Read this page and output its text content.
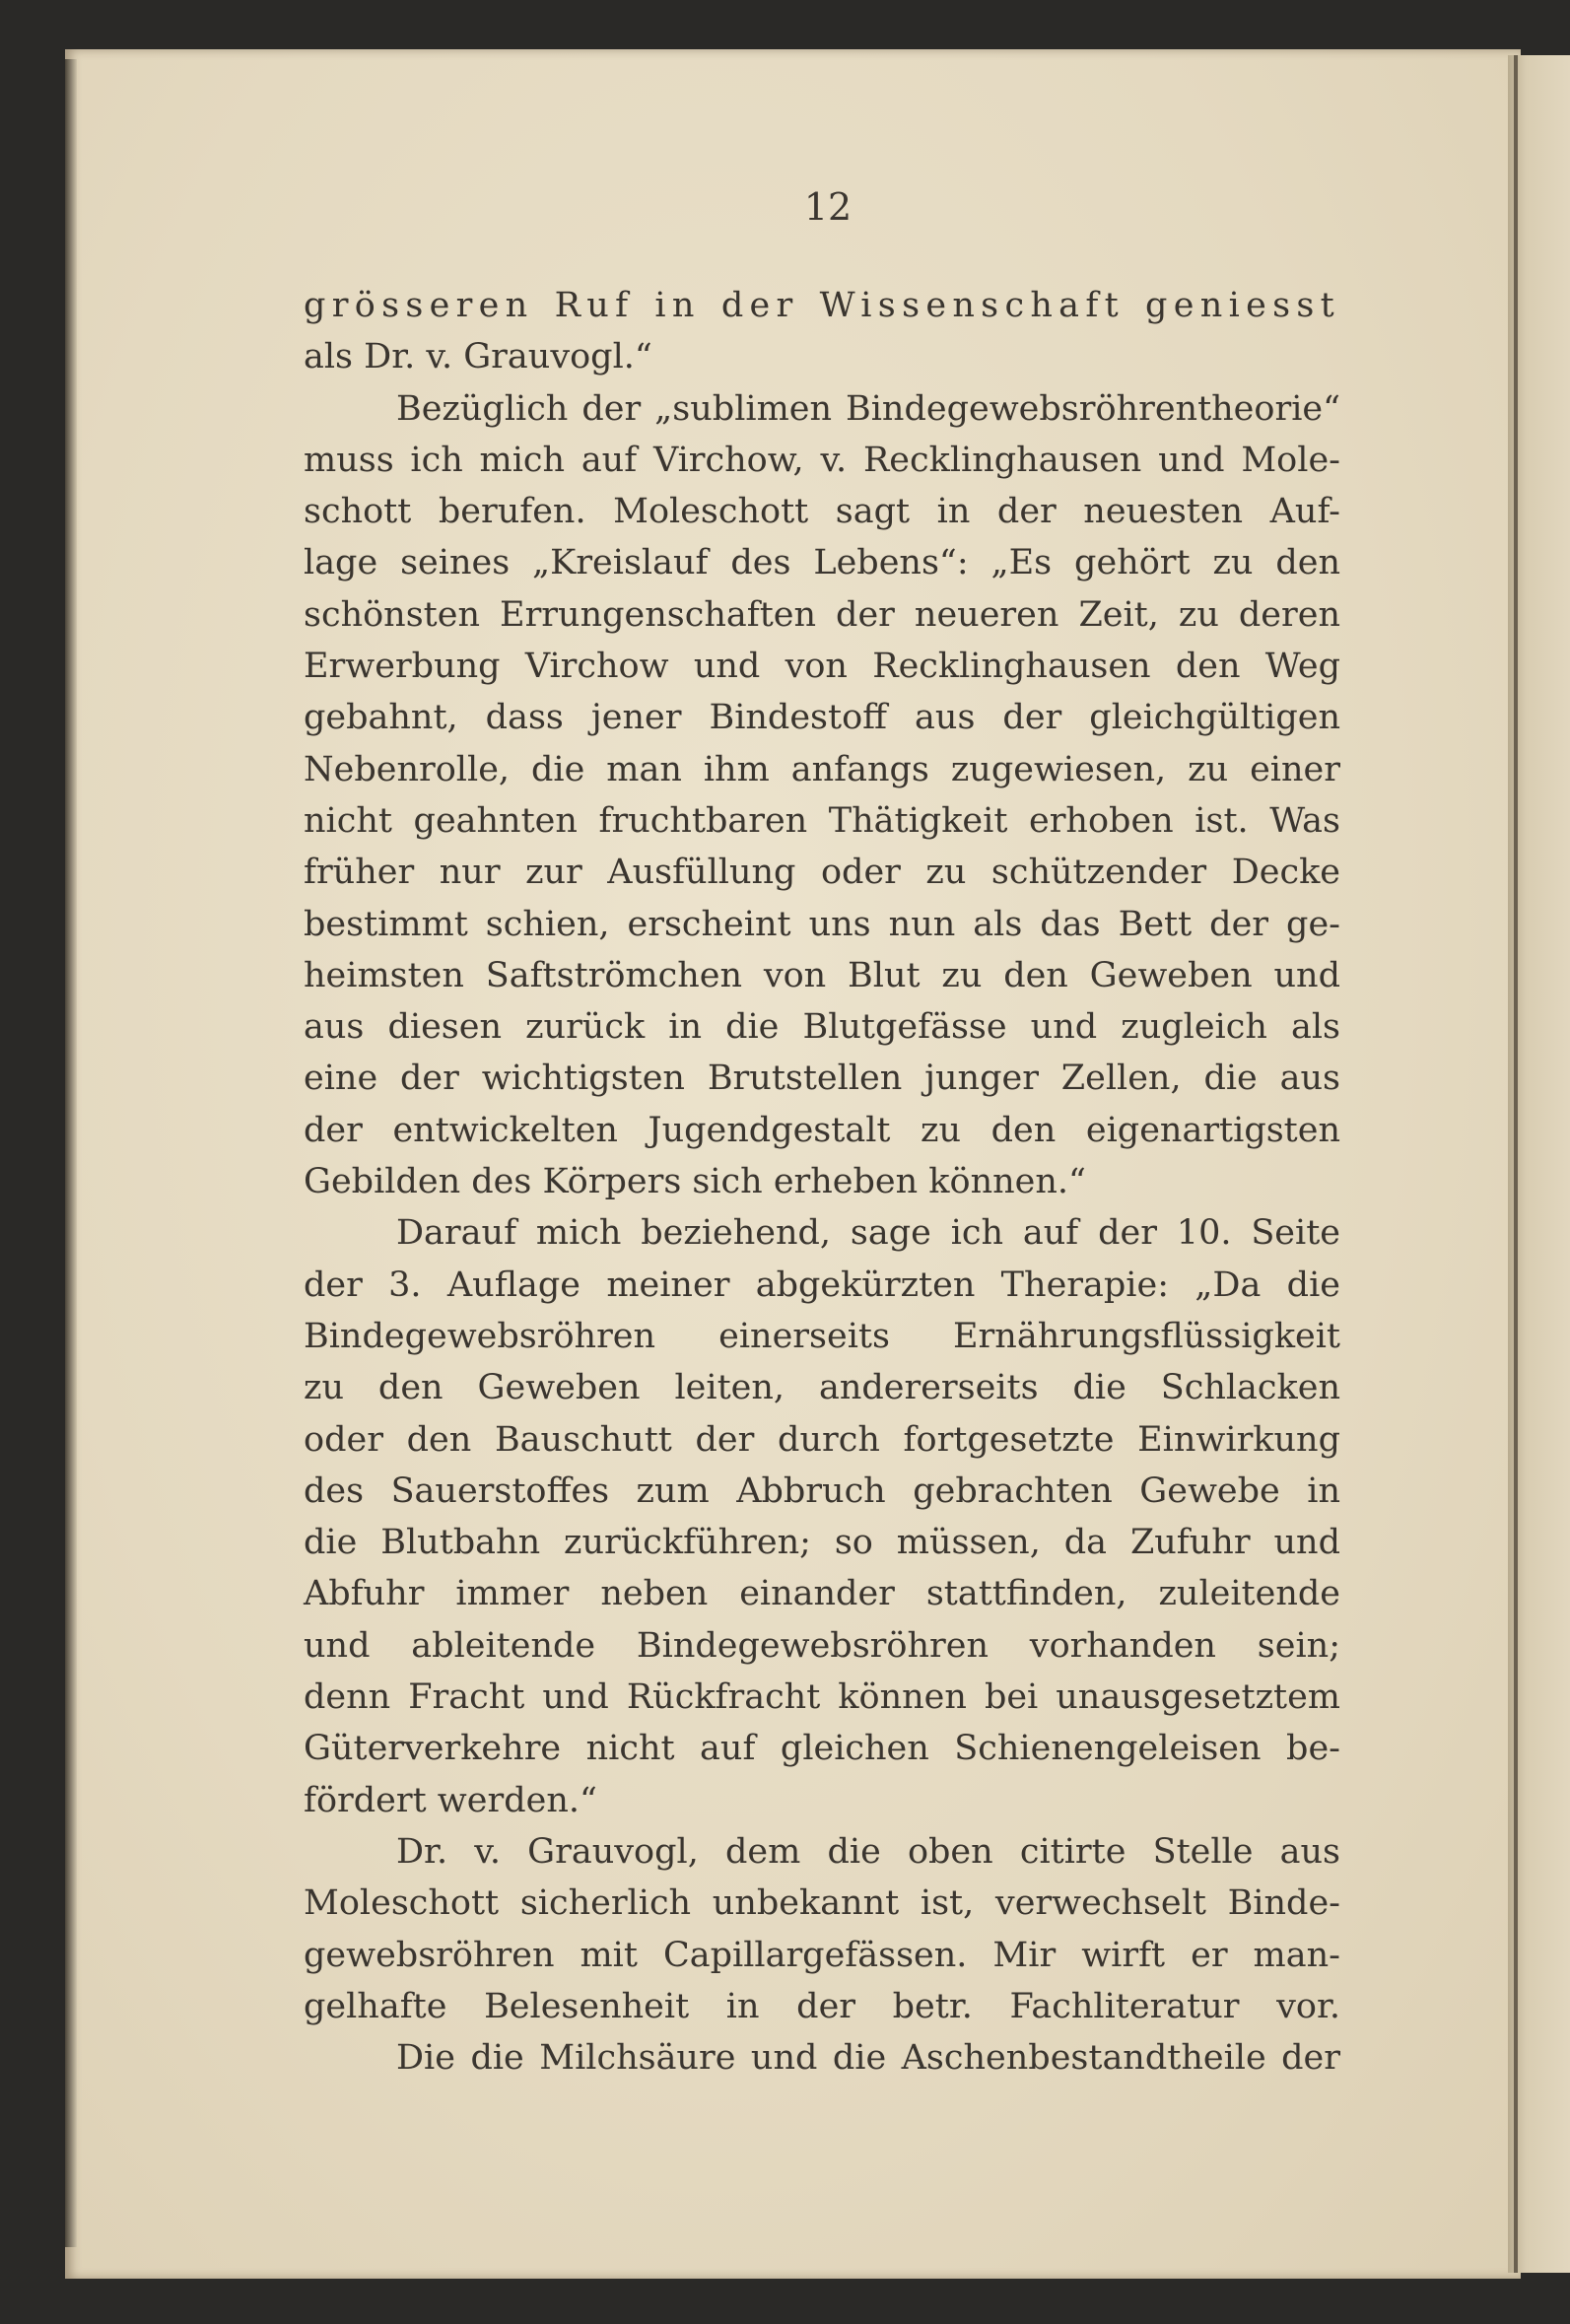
12
grösseren Ruf in der Wissenschaft geniesst
als Dr. v. Grauvogl.“
Bezüglich der „sublimen Bindegewebsröhrentheorie“
muss ich mich auf Virchow, v. Recklinghausen und Mole-
schott berufen. Moleschott sagt in der neuesten Auf-
lage seines „Kreislauf des Lebens“: „Es gehört zu den
schönsten Errungenschaften der neueren Zeit, zu deren
Erwerbung Virchow und von Recklinghausen den Weg
gebahnt, dass jener Bindestoff aus der gleichgültigen
Nebenrolle, die man ihm anfangs zugewiesen, zu einer
nicht geahnten fruchtbaren Thätigkeit erhoben ist. Was
früher nur zur Ausfüllung oder zu schützender Decke
bestimmt schien, erscheint uns nun als das Bett der ge-
heimsten Saftströmchen von Blut zu den Geweben und
aus diesen zurück in die Blutgefässe und zugleich als
eine der wichtigsten Brutstellen junger Zellen, die aus
der entwickelten Jugendgestalt zu den eigenartigsten
Gebilden des Körpers sich erheben können.“
Darauf mich beziehend, sage ich auf der 10. Seite
der 3. Auflage meiner abgekürzten Therapie: „Da die
Bindegewebsröhren einerseits Ernährungsflüssigkeit
zu den Geweben leiten, andererseits die Schlacken
oder den Bauschutt der durch fortgesetzte Einwirkung
des Sauerstoffes zum Abbruch gebrachten Gewebe in
die Blutbahn zurückführen; so müssen, da Zufuhr und
Abfuhr immer neben einander stattfinden, zuleitende
und ableitende Bindegewebsröhren vorhanden sein;
denn Fracht und Rückfracht können bei unausgesetztem
Güterverkehre nicht auf gleichen Schienengeleisen be-
fördert werden.“
Dr. v. Grauvogl, dem die oben citirte Stelle aus
Moleschott sicherlich unbekannt ist, verwechselt Binde-
gewebsröhren mit Capillargefässen. Mir wirft er man-
gelhafte Belesenheit in der betr. Fachliteratur vor.
Die die Milchsäure und die Aschenbestandtheile der
